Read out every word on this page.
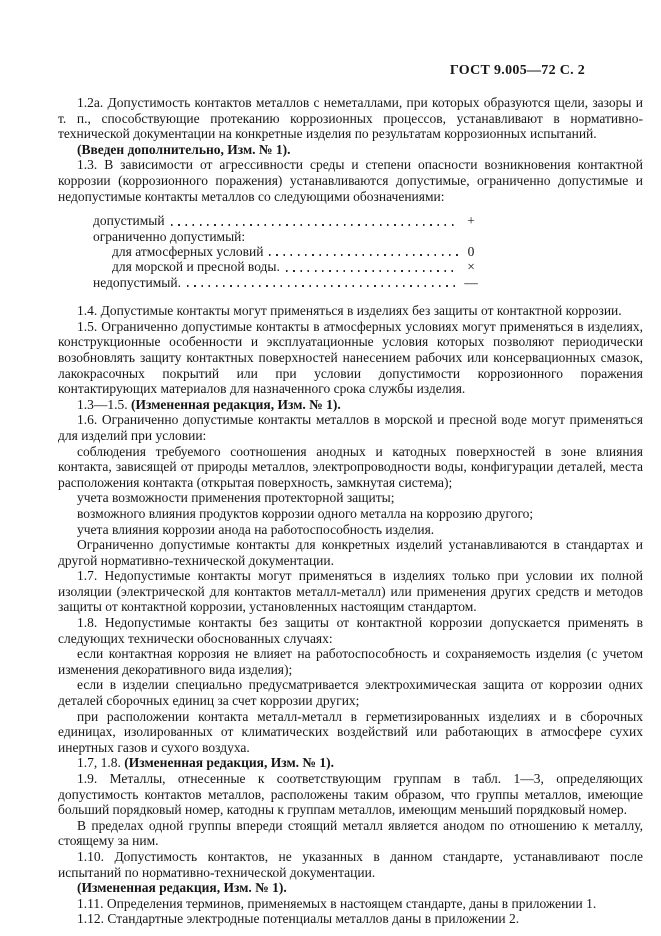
ГОСТ 9.005—72 С. 2

1.2а. Допустимость контактов металлов с неметаллами, при которых образуются щели, зазоры и т. п., способствующие протеканию коррозионных процессов, устанавливают в нормативно-технической документации на конкретные изделия по результатам коррозионных испытаний.

(Введен дополнительно, Изм. № 1).

1.3. В зависимости от агрессивности среды и степени опасности возникновения контактной коррозии (коррозионного поражения) устанавливаются допустимые, ограниченно допустимые и недопустимые контакты металлов со следующими обозначениями:

допустимый	+
ограниченно допустимый:
для атмосферных условий	0
для морской и пресной воды.	×
недопустимый.	—

1.4. Допустимые контакты могут применяться в изделиях без защиты от контактной коррозии.

1.5. Ограниченно допустимые контакты в атмосферных условиях могут применяться в изделиях, конструкционные особенности и эксплуатационные условия которых позволяют периодически возобновлять защиту контактных поверхностей нанесением рабочих или консервационных смазок, лакокрасочных покрытий или при условии допустимости коррозионного поражения контактирующих материалов для назначенного срока службы изделия.

1.3—1.5. (Измененная редакция, Изм. № 1).

1.6. Ограниченно допустимые контакты металлов в морской и пресной воде могут применяться для изделий при условии:

соблюдения требуемого соотношения анодных и катодных поверхностей в зоне влияния контакта, зависящей от природы металлов, электропроводности воды, конфигурации деталей, места расположения контакта (открытая поверхность, замкнутая система);

учета возможности применения протекторной защиты;

возможного влияния продуктов коррозии одного металла на коррозию другого;

учета влияния коррозии анода на работоспособность изделия.

Ограниченно допустимые контакты для конкретных изделий устанавливаются в стандартах и другой нормативно-технической документации.

1.7. Недопустимые контакты могут применяться в изделиях только при условии их полной изоляции (электрической для контактов металл-металл) или применения других средств и методов защиты от контактной коррозии, установленных настоящим стандартом.

1.8. Недопустимые контакты без защиты от контактной коррозии допускается применять в следующих технически обоснованных случаях:

если контактная коррозия не влияет на работоспособность и сохраняемость изделия (с учетом изменения декоративного вида изделия);

если в изделии специально предусматривается электрохимическая защита от коррозии одних деталей сборочных единиц за счет коррозии других;

при расположении контакта металл-металл в герметизированных изделиях и в сборочных единицах, изолированных от климатических воздействий или работающих в атмосфере сухих инертных газов и сухого воздуха.

1.7, 1.8. (Измененная редакция, Изм. № 1).

1.9. Металлы, отнесенные к соответствующим группам в табл. 1—3, определяющих допустимость контактов металлов, расположены таким образом, что группы металлов, имеющие больший порядковый номер, катодны к группам металлов, имеющим меньший порядковый номер.

В пределах одной группы впереди стоящий металл является анодом по отношению к металлу, стоящему за ним.

1.10. Допустимость контактов, не указанных в данном стандарте, устанавливают после испытаний по нормативно-технической документации.

(Измененная редакция, Изм. № 1).

1.11. Определения терминов, применяемых в настоящем стандарте, даны в приложении 1.

1.12. Стандартные электродные потенциалы металлов даны в приложении 2.
